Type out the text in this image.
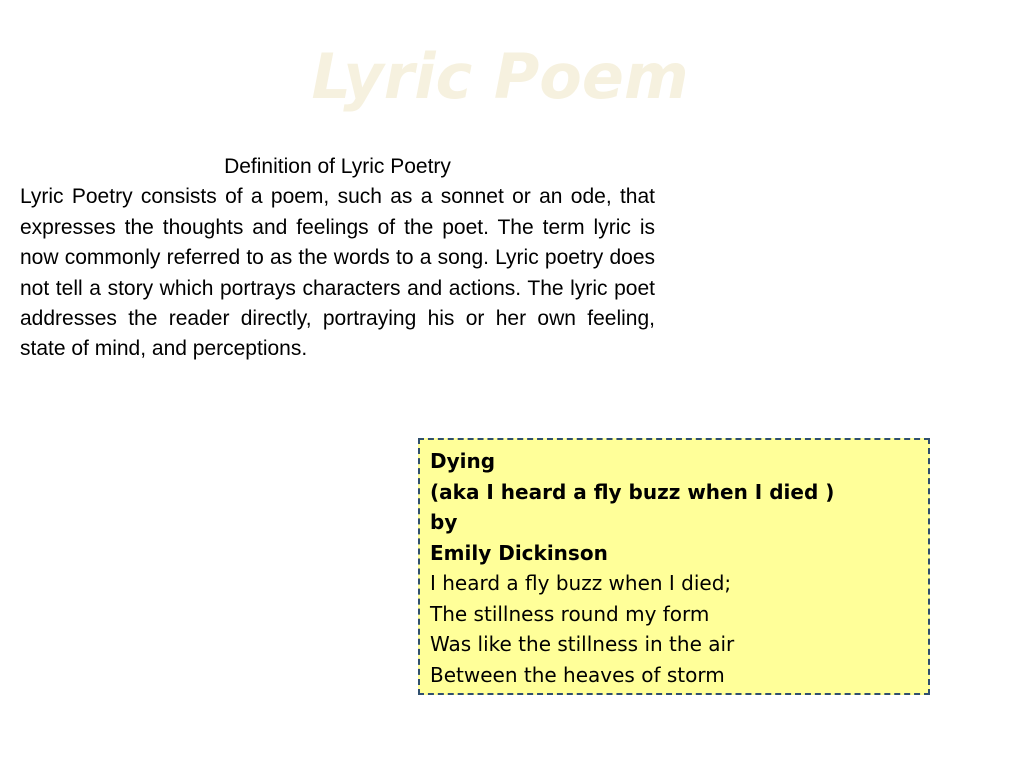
Lyric Poem
Definition of Lyric Poetry
Lyric Poetry consists of a poem, such as a sonnet or an ode, that expresses the thoughts and feelings of the poet. The term lyric is now commonly referred to as the words to a song. Lyric poetry does not tell a story which portrays characters and actions. The lyric poet addresses the reader directly, portraying his or her own feeling, state of mind, and perceptions.
Dying
(aka I heard a fly buzz when I died )
by
Emily Dickinson
I heard a fly buzz when I died;
The stillness round my form
Was like the stillness in the air
Between the heaves of storm
